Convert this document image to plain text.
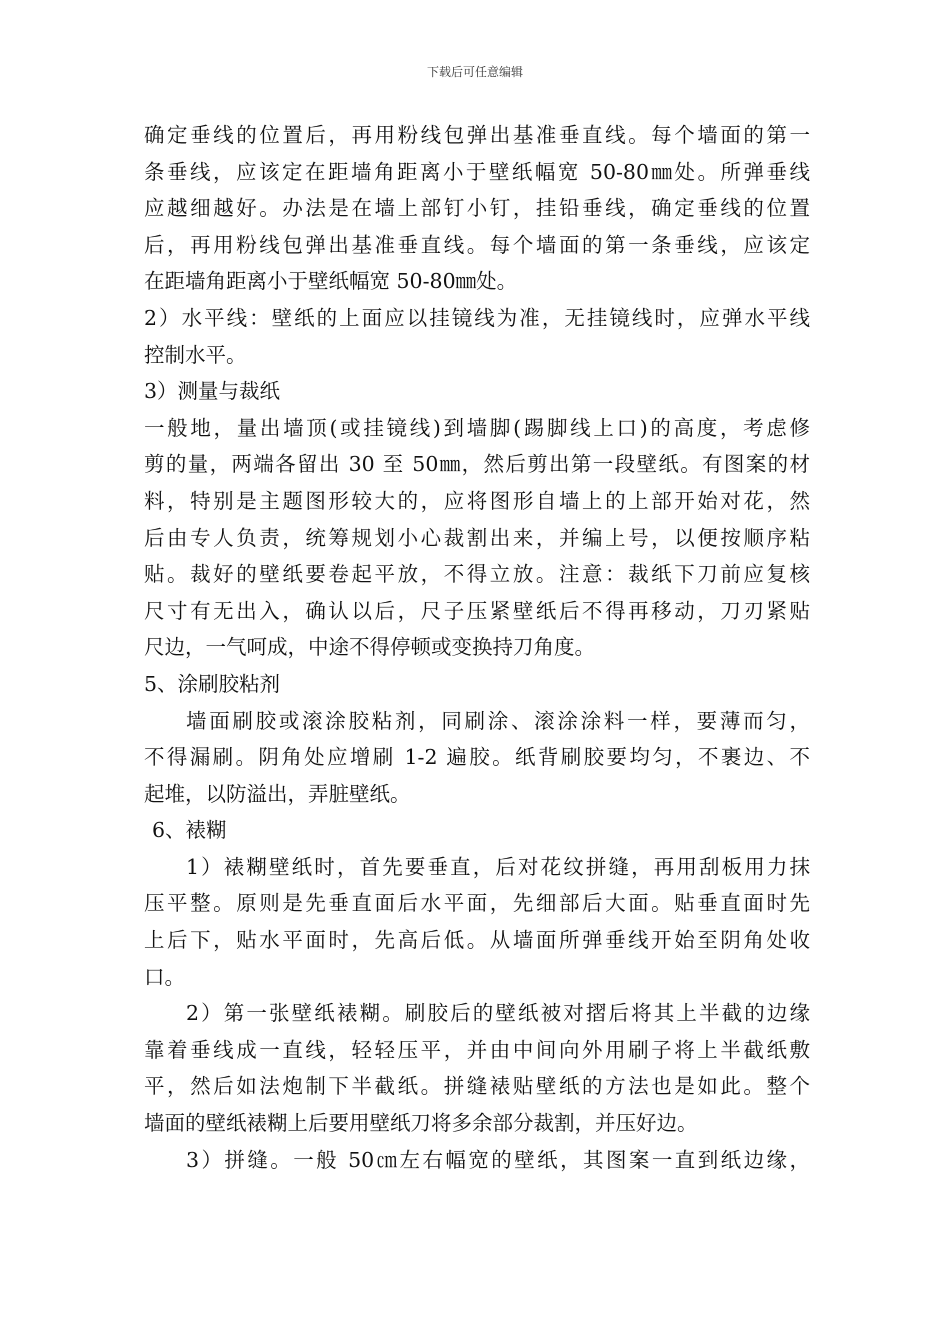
下载后可任意编辑
确定垂线的位置后，再用粉线包弹出基准垂直线。每个墙面的第一
条垂线，应该定在距墙角距离小于壁纸幅宽 50-80㎜处。所弹垂线
应越细越好。办法是在墙上部钉小钉，挂铅垂线，确定垂线的位置
后，再用粉线包弹出基准垂直线。每个墙面的第一条垂线，应该定
在距墙角距离小于壁纸幅宽 50-80㎜处。
2）水平线：壁纸的上面应以挂镜线为准，无挂镜线时，应弹水平线
控制水平。
3）测量与裁纸
一般地，量出墙顶(或挂镜线)到墙脚(踢脚线上口)的高度，考虑修
剪的量，两端各留出 30 至 50㎜，然后剪出第一段壁纸。有图案的材
料，特别是主题图形较大的，应将图形自墙上的上部开始对花，然
后由专人负责，统筹规划小心裁割出来，并编上号，以便按顺序粘
贴。裁好的壁纸要卷起平放，不得立放。注意：裁纸下刀前应复核
尺寸有无出入，确认以后，尺子压紧壁纸后不得再移动，刀刃紧贴
尺边，一气呵成，中途不得停顿或变换持刀角度。
5、涂刷胶粘剂
墙面刷胶或滚涂胶粘剂，同刷涂、滚涂涂料一样，要薄而匀，
不得漏刷。阴角处应增刷 1-2 遍胶。纸背刷胶要均匀，不裹边、不
起堆，以防溢出，弄脏壁纸。
6、裱糊
1）裱糊壁纸时，首先要垂直，后对花纹拼缝，再用刮板用力抹
压平整。原则是先垂直面后水平面，先细部后大面。贴垂直面时先
上后下，贴水平面时，先高后低。从墙面所弹垂线开始至阴角处收
口。
2）第一张壁纸裱糊。刷胶后的壁纸被对摺后将其上半截的边缘
靠着垂线成一直线，轻轻压平，并由中间向外用刷子将上半截纸敷
平，然后如法炮制下半截纸。拼缝裱贴壁纸的方法也是如此。整个
墙面的壁纸裱糊上后要用壁纸刀将多余部分裁割，并压好边。
3）拼缝。一般 50㎝左右幅宽的壁纸，其图案一直到纸边缘，
